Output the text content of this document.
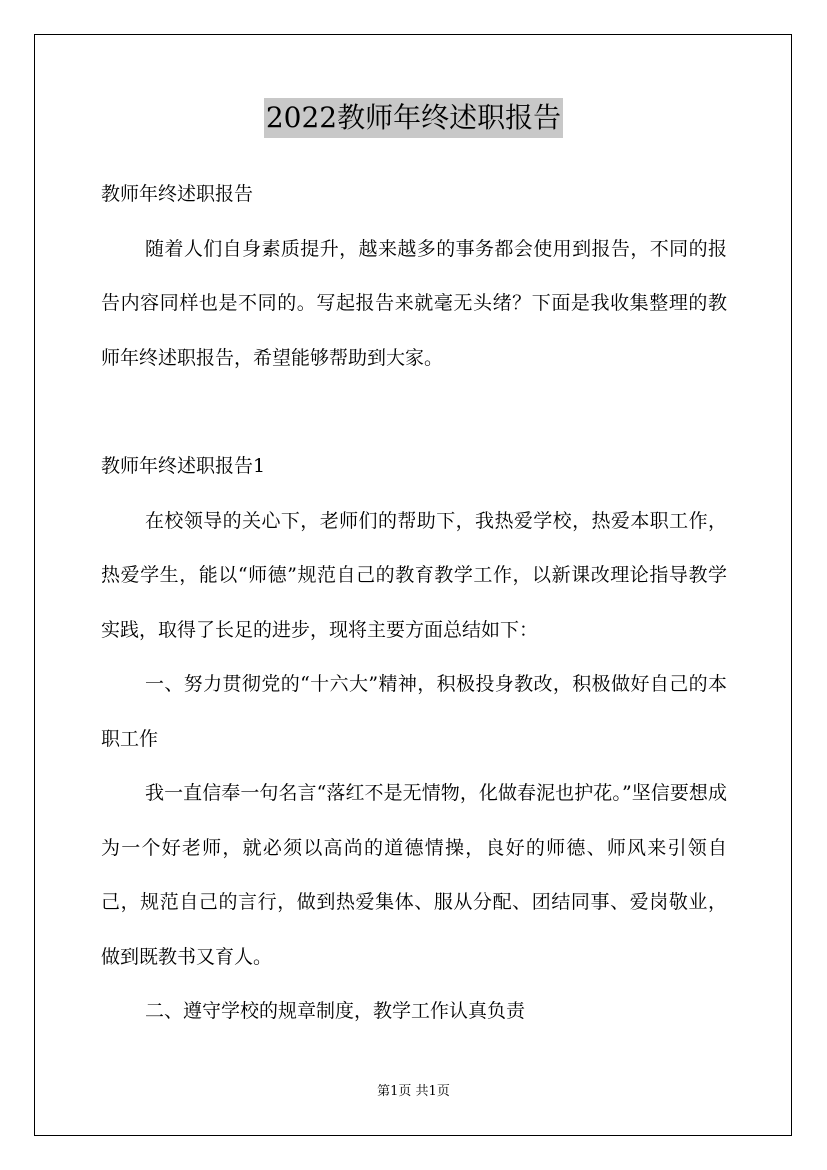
2022教师年终述职报告

教师年终述职报告

随着人们自身素质提升，越来越多的事务都会使用到报告，不同的报告内容同样也是不同的。写起报告来就毫无头绪？下面是我收集整理的教师年终述职报告，希望能够帮助到大家。

教师年终述职报告1

在校领导的关心下，老师们的帮助下，我热爱学校，热爱本职工作，热爱学生，能以“师德”规范自己的教育教学工作，以新课改理论指导教学实践，取得了长足的进步，现将主要方面总结如下：

一、努力贯彻党的“十六大”精神，积极投身教改，积极做好自己的本职工作

我一直信奉一句名言“落红不是无情物，化做春泥也护花。”坚信要想成为一个好老师，就必须以高尚的道德情操，良好的师德、师风来引领自己，规范自己的言行，做到热爱集体、服从分配、团结同事、爱岗敬业，做到既教书又育人。

二、遵守学校的规章制度，教学工作认真负责

第1页 共1页
